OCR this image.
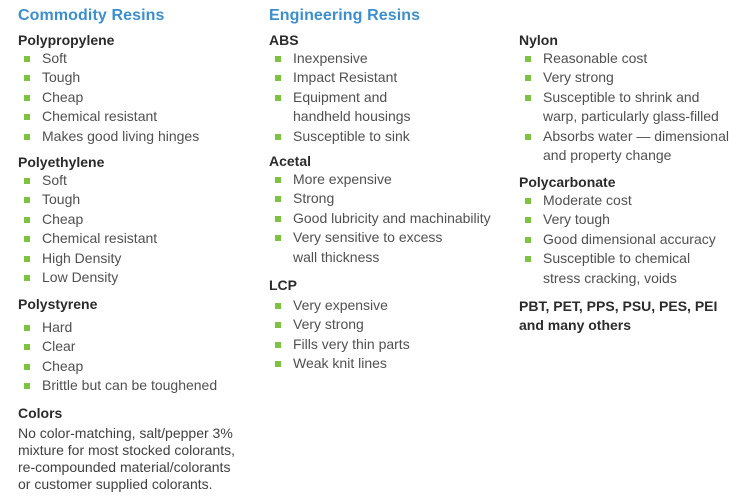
Commodity Resins
Polypropylene
Soft
Tough
Cheap
Chemical resistant
Makes good living hinges
Polyethylene
Soft
Tough
Cheap
Chemical resistant
High Density
Low Density
Polystyrene
Hard
Clear
Cheap
Brittle but can be toughened
Colors
No color-matching, salt/pepper 3%
mixture for most stocked colorants,
re-compounded material/colorants
or customer supplied colorants.
Engineering Resins
ABS
Inexpensive
Impact Resistant
Equipment and
handheld housings
Susceptible to sink
Acetal
More expensive
Strong
Good lubricity and machinability
Very sensitive to excess
wall thickness
LCP
Very expensive
Very strong
Fills very thin parts
Weak knit lines
Nylon
Reasonable cost
Very strong
Susceptible to shrink and
warp, particularly glass-filled
Absorbs water — dimensional
and property change
Polycarbonate
Moderate cost
Very tough
Good dimensional accuracy
Susceptible to chemical
stress cracking, voids
PBT, PET, PPS, PSU, PES, PEI
and many others
